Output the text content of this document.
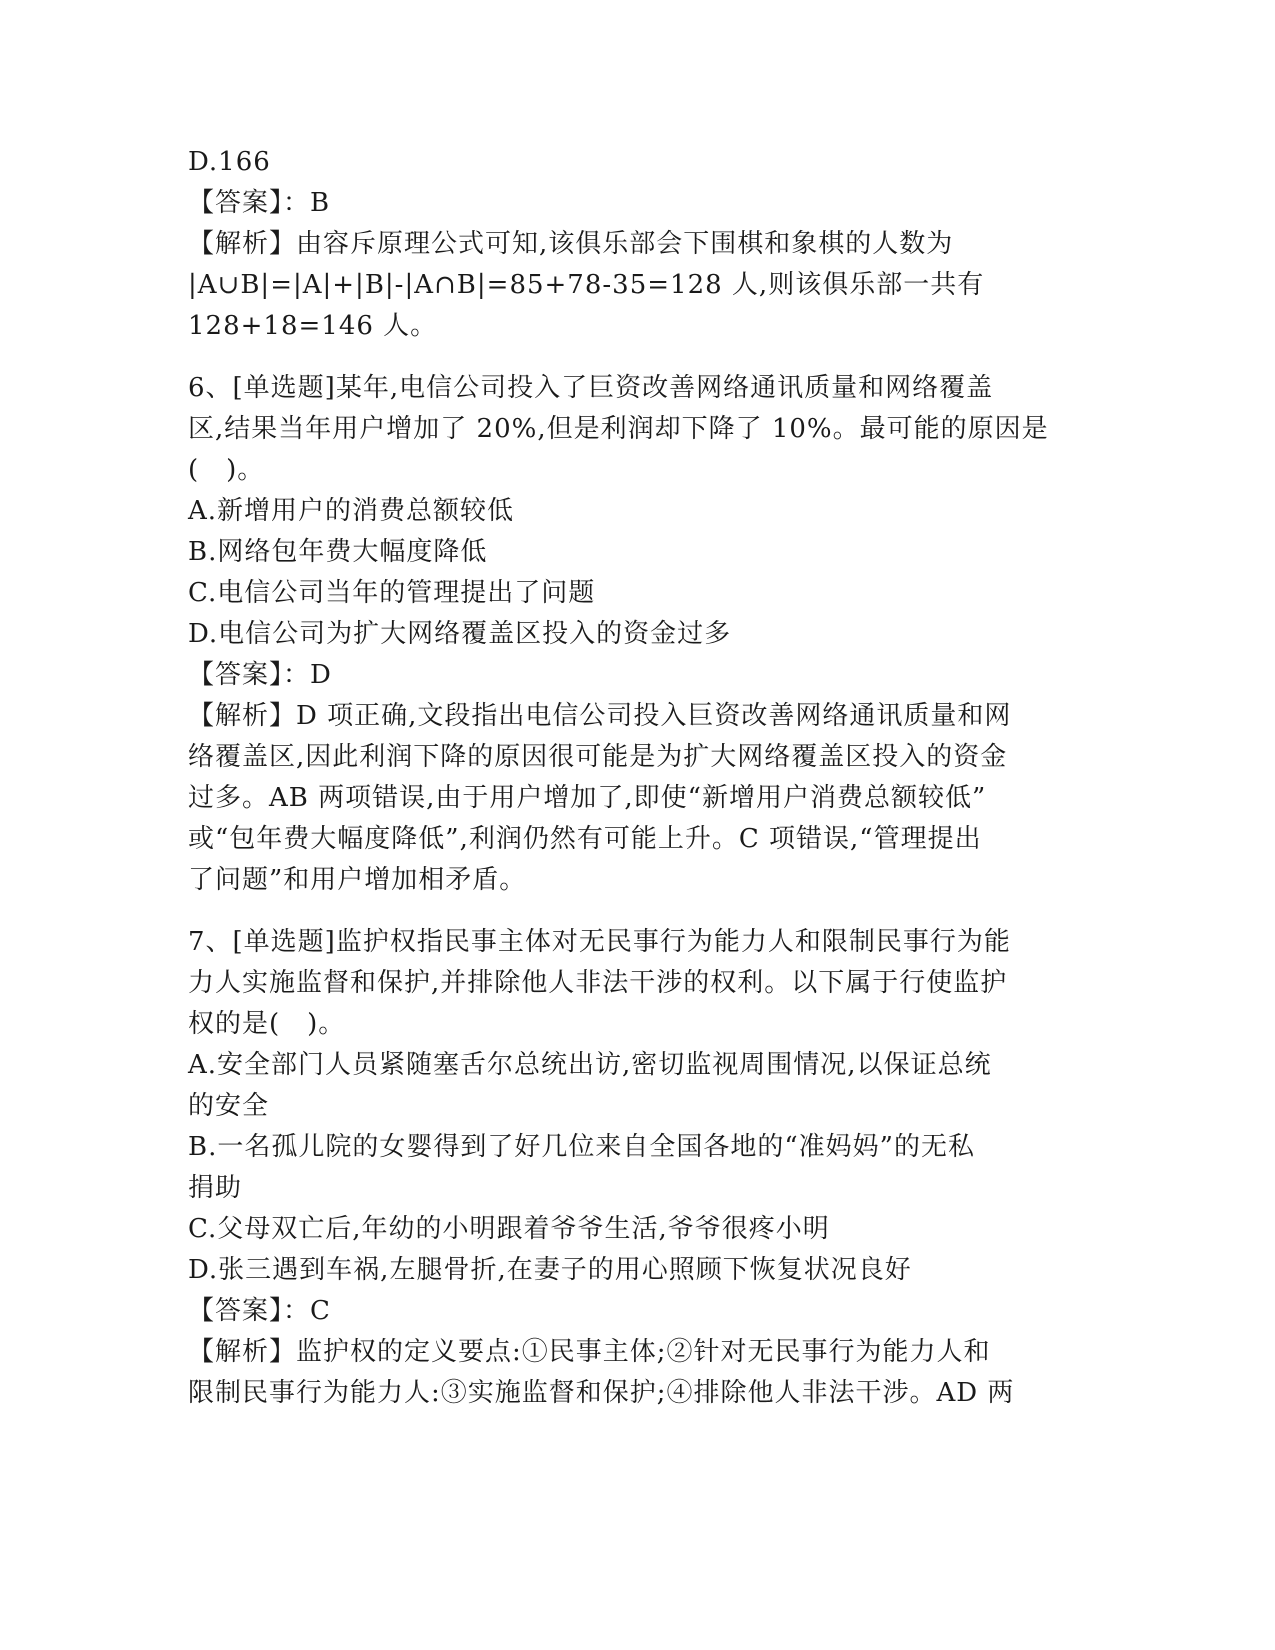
D.166
【答案】：B
【解析】由容斥原理公式可知,该俱乐部会下围棋和象棋的人数为
|A∪B|=|A|+|B|-|A∩B|=85+78-35=128 人,则该俱乐部一共有
128+18=146 人。
6、[单选题]某年,电信公司投入了巨资改善网络通讯质量和网络覆盖
区,结果当年用户增加了 20%,但是利润却下降了 10%。最可能的原因是
(　)。
A.新增用户的消费总额较低
B.网络包年费大幅度降低
C.电信公司当年的管理提出了问题
D.电信公司为扩大网络覆盖区投入的资金过多
【答案】：D
【解析】D 项正确,文段指出电信公司投入巨资改善网络通讯质量和网
络覆盖区,因此利润下降的原因很可能是为扩大网络覆盖区投入的资金
过多。AB 两项错误,由于用户增加了,即使“新增用户消费总额较低”
或“包年费大幅度降低”,利润仍然有可能上升。C 项错误,“管理提出
了问题”和用户增加相矛盾。
7、[单选题]监护权指民事主体对无民事行为能力人和限制民事行为能
力人实施监督和保护,并排除他人非法干涉的权利。以下属于行使监护
权的是(　)。
A.安全部门人员紧随塞舌尔总统出访,密切监视周围情况,以保证总统
的安全
B.一名孤儿院的女婴得到了好几位来自全国各地的“准妈妈”的无私
捐助
C.父母双亡后,年幼的小明跟着爷爷生活,爷爷很疼小明
D.张三遇到车祸,左腿骨折,在妻子的用心照顾下恢复状况良好
【答案】：C
【解析】监护权的定义要点:①民事主体;②针对无民事行为能力人和
限制民事行为能力人:③实施监督和保护;④排除他人非法干涉。AD 两
